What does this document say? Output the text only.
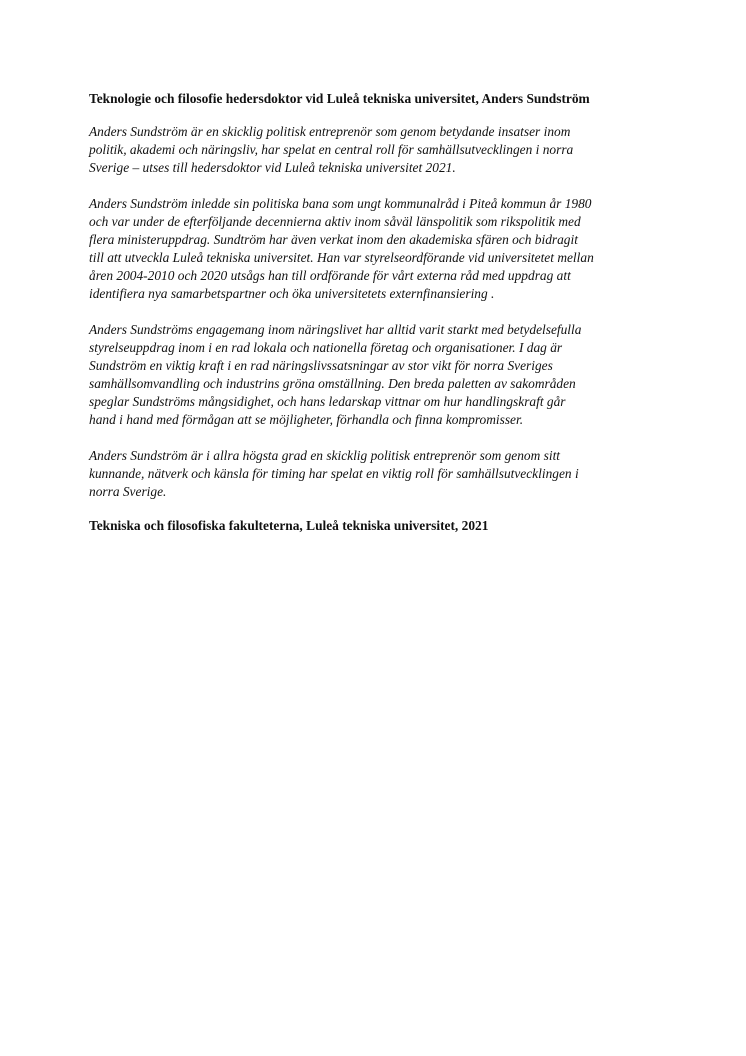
Teknologie och filosofie hedersdoktor vid Luleå tekniska universitet, Anders Sundström
Anders Sundström är en skicklig politisk entreprenör som genom betydande insatser inom
politik, akademi och näringsliv, har spelat en central roll för samhällsutvecklingen i norra
Sverige – utses till hedersdoktor vid Luleå tekniska universitet 2021.
Anders Sundström inledde sin politiska bana som ungt kommunalråd i Piteå kommun år 1980
och var under de efterföljande decennierna aktiv inom såväl länspolitik som rikspolitik med
flera ministeruppdrag. Sundtröm har även verkat inom den akademiska sfären och bidragit
till att utveckla Luleå tekniska universitet. Han var styrelseordförande vid universitetet mellan
åren 2004-2010 och 2020 utsågs han till ordförande för vårt externa råd med uppdrag att
identifiera nya samarbetspartner och öka universitetets externfinansiering .
Anders Sundströms engagemang inom näringslivet har alltid varit starkt med betydelsefulla
styrelseuppdrag inom i en rad lokala och nationella företag och organisationer. I dag är
Sundström en viktig kraft i en rad näringslivssatsningar av stor vikt för norra Sveriges
samhällsomvandling och industrins gröna omställning. Den breda paletten av sakområden
speglar Sundströms mångsidighet, och hans ledarskap vittnar om hur handlingskraft går
hand i hand med förmågan att se möjligheter, förhandla och finna kompromisser.
Anders Sundström är i allra högsta grad en skicklig politisk entreprenör som genom sitt
kunnande, nätverk och känsla för timing har spelat en viktig roll för samhällsutvecklingen i
norra Sverige.
Tekniska och filosofiska fakulteterna, Luleå tekniska universitet, 2021
